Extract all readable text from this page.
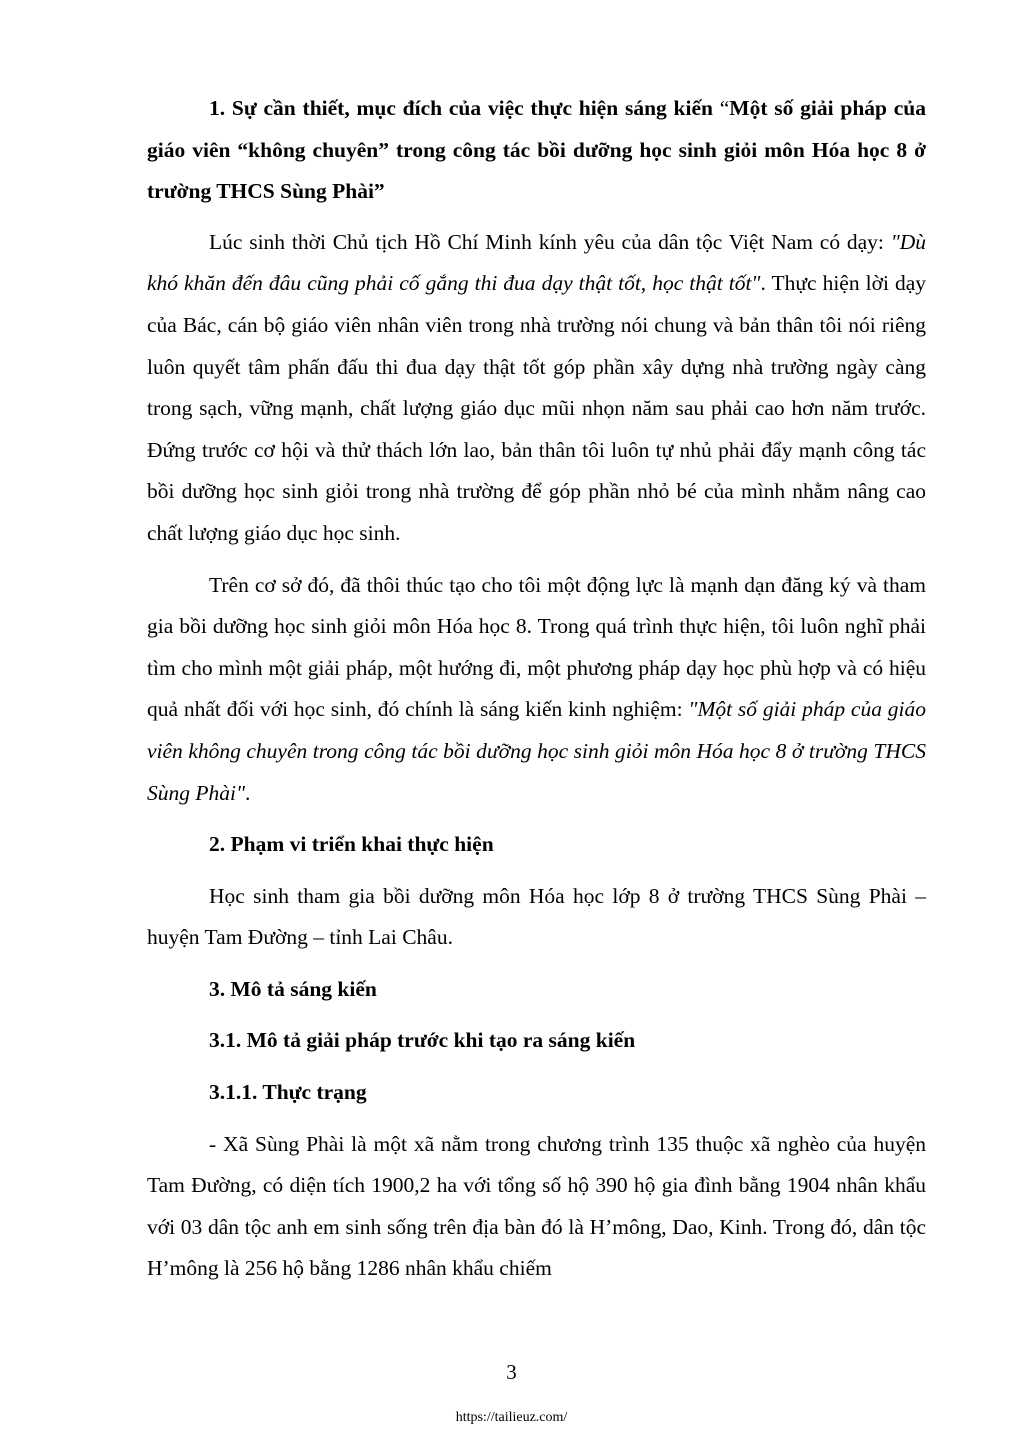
1. Sự cần thiết, mục đích của việc thực hiện sáng kiến “Một số giải pháp của giáo viên “không chuyên” trong công tác bồi dưỡng học sinh giỏi môn Hóa học 8 ở trường THCS Sùng Phài”

Lúc sinh thời Chủ tịch Hồ Chí Minh kính yêu của dân tộc Việt Nam có dạy: "Dù khó khăn đến đâu cũng phải cố gắng thi đua dạy thật tốt, học thật tốt". Thực hiện lời dạy của Bác, cán bộ giáo viên nhân viên trong nhà trường nói chung và bản thân tôi nói riêng luôn quyết tâm phấn đấu thi đua dạy thật tốt góp phần xây dựng nhà trường ngày càng trong sạch, vững mạnh, chất lượng giáo dục mũi nhọn năm sau phải cao hơn năm trước. Đứng trước cơ hội và thử thách lớn lao, bản thân tôi luôn tự nhủ phải đẩy mạnh công tác bồi dưỡng học sinh giỏi trong nhà trường để góp phần nhỏ bé của mình nhằm nâng cao chất lượng giáo dục học sinh.

Trên cơ sở đó, đã thôi thúc tạo cho tôi một động lực là mạnh dạn đăng ký và tham gia bồi dưỡng học sinh giỏi môn Hóa học 8. Trong quá trình thực hiện, tôi luôn nghĩ phải tìm cho mình một giải pháp, một hướng đi, một phương pháp dạy học phù hợp và có hiệu quả nhất đối với học sinh, đó chính là sáng kiến kinh nghiệm: "Một số giải pháp của giáo viên không chuyên trong công tác bồi dưỡng học sinh giỏi môn Hóa học 8 ở trường THCS Sùng Phài".

2. Phạm vi triển khai thực hiện

Học sinh tham gia bồi dưỡng môn Hóa học lớp 8 ở trường THCS Sùng Phài – huyện Tam Đường – tỉnh Lai Châu.

3. Mô tả sáng kiến

3.1. Mô tả giải pháp trước khi tạo ra sáng kiến

3.1.1. Thực trạng

- Xã Sùng Phài là một xã nằm trong chương trình 135 thuộc xã nghèo của huyện Tam Đường, có diện tích 1900,2 ha với tổng số hộ 390 hộ gia đình bằng 1904 nhân khẩu với 03 dân tộc anh em sinh sống trên địa bàn đó là H’mông, Dao, Kinh. Trong đó, dân tộc H’mông là 256 hộ bằng 1286 nhân khẩu chiếm

3
https://tailieuz.com/
